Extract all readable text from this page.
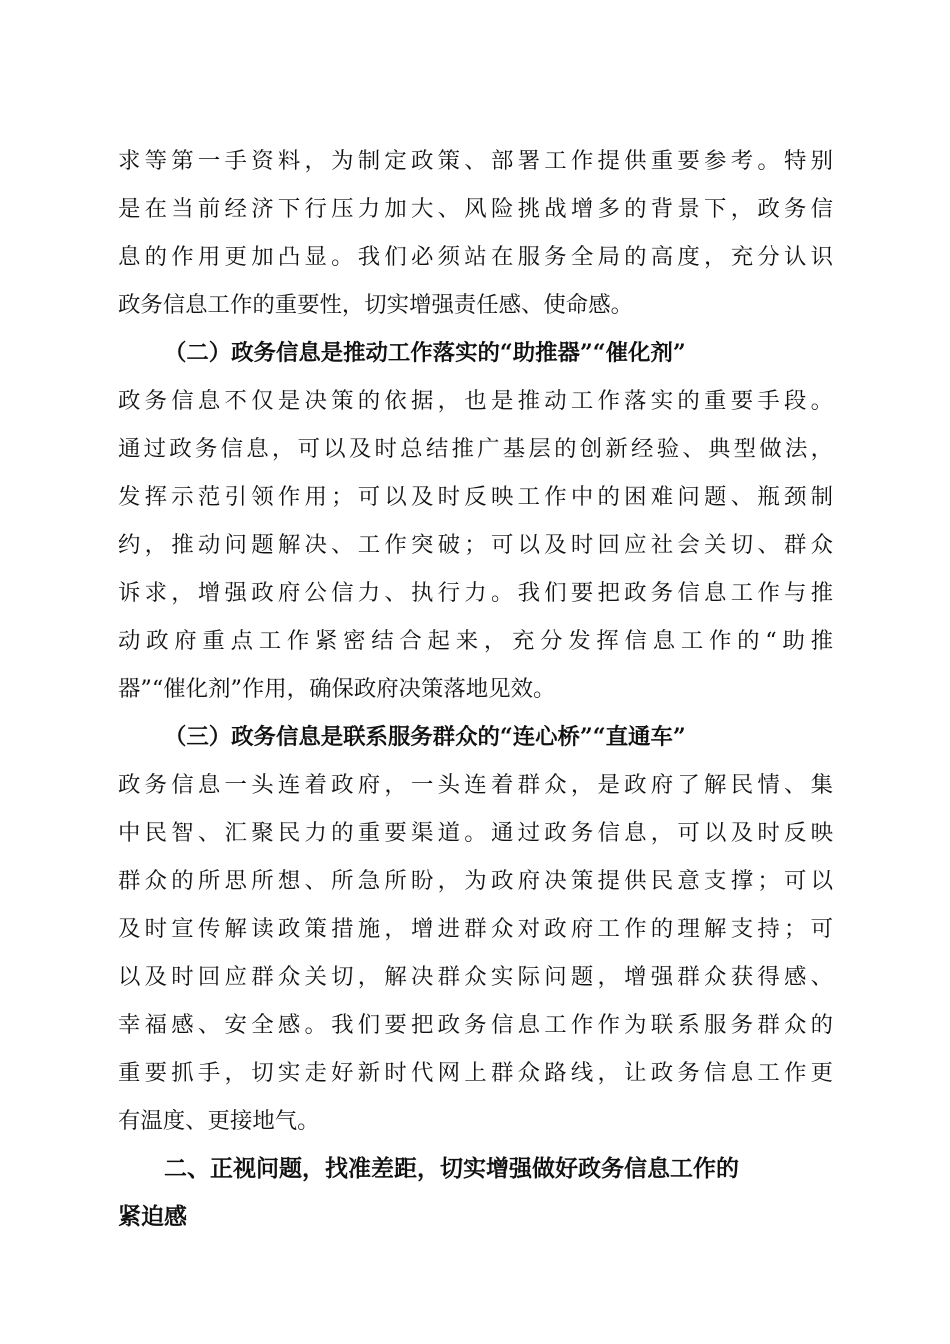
求等第一手资料，为制定政策、部署工作提供重要参考。特别
是在当前经济下行压力加大、风险挑战增多的背景下，政务信
息的作用更加凸显。我们必须站在服务全局的高度，充分认识
政务信息工作的重要性，切实增强责任感、使命感。
（二）政务信息是推动工作落实的“助推器”“催化剂”
政务信息不仅是决策的依据，也是推动工作落实的重要手段。
通过政务信息，可以及时总结推广基层的创新经验、典型做法，
发挥示范引领作用；可以及时反映工作中的困难问题、瓶颈制
约，推动问题解决、工作突破；可以及时回应社会关切、群众
诉求，增强政府公信力、执行力。我们要把政务信息工作与推
动政府重点工作紧密结合起来，充分发挥信息工作的“助推
器”“催化剂”作用，确保政府决策落地见效。
（三）政务信息是联系服务群众的“连心桥”“直通车”
政务信息一头连着政府，一头连着群众，是政府了解民情、集
中民智、汇聚民力的重要渠道。通过政务信息，可以及时反映
群众的所思所想、所急所盼，为政府决策提供民意支撑；可以
及时宣传解读政策措施，增进群众对政府工作的理解支持；可
以及时回应群众关切，解决群众实际问题，增强群众获得感、
幸福感、安全感。我们要把政务信息工作作为联系服务群众的
重要抓手，切实走好新时代网上群众路线，让政务信息工作更
有温度、更接地气。
二、正视问题，找准差距，切实增强做好政务信息工作的
紧迫感
